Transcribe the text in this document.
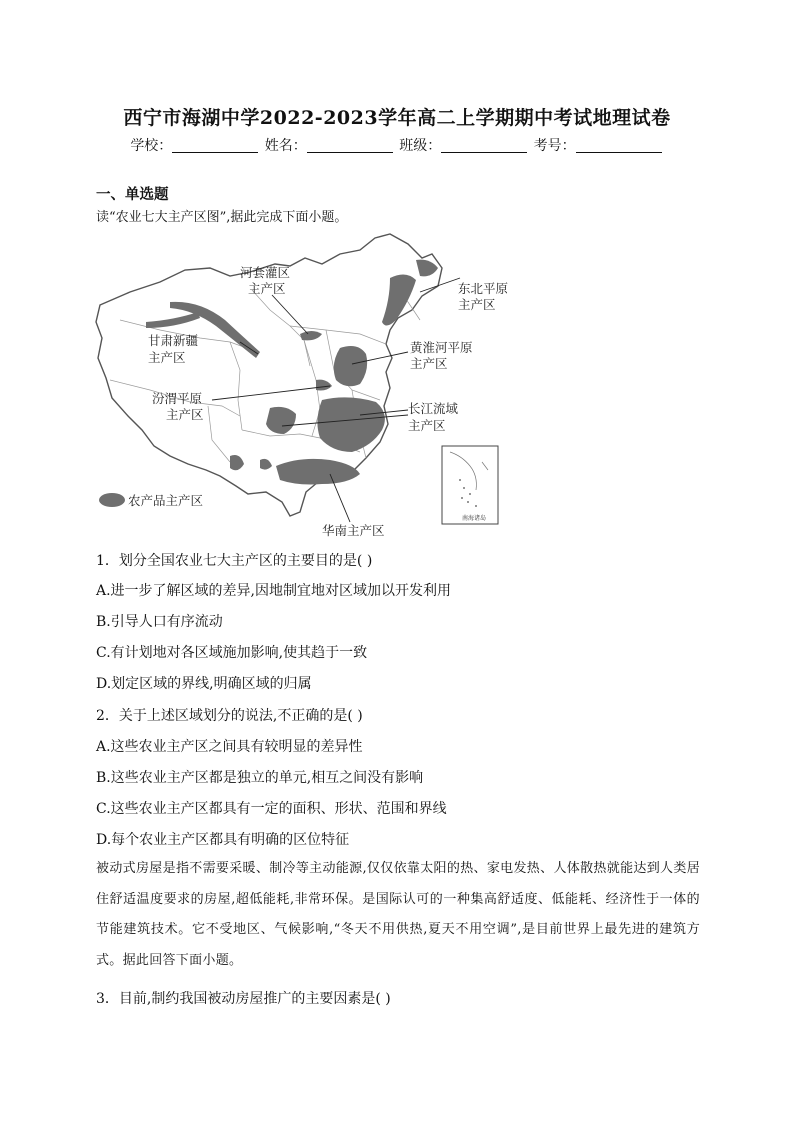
西宁市海湖中学2022-2023学年高二上学期期中考试地理试卷
学校：	姓名：	班级：	考号：
一、单选题
读“农业七大主产区图”,据此完成下面小题。
河套灌区
主产区	东北平原
主产区
甘肃新疆
主产区
黄淮河平原
主产区
汾渭平原
主产区	长江流域
主产区
华南主产区
南海诸岛
农产品主产区
1．划分全国农业七大主产区的主要目的是( )
A.进一步了解区域的差异,因地制宜地对区域加以开发利用
B.引导人口有序流动
C.有计划地对各区域施加影响,使其趋于一致
D.划定区域的界线,明确区域的归属
2．关于上述区域划分的说法,不正确的是( )
A.这些农业主产区之间具有较明显的差异性
B.这些农业主产区都是独立的单元,相互之间没有影响
C.这些农业主产区都具有一定的面积、形状、范围和界线
D.每个农业主产区都具有明确的区位特征
被动式房屋是指不需要采暖、制冷等主动能源,仅仅依靠太阳的热、家电发热、人体散热就能达到人类居住舒适温度要求的房屋,超低能耗,非常环保。是国际认可的一种集高舒适度、低能耗、经济性于一体的节能建筑技术。它不受地区、气候影响,“冬天不用供热,夏天不用空调”,是目前世界上最先进的建筑方式。据此回答下面小题。
3．目前,制约我国被动房屋推广的主要因素是( )
